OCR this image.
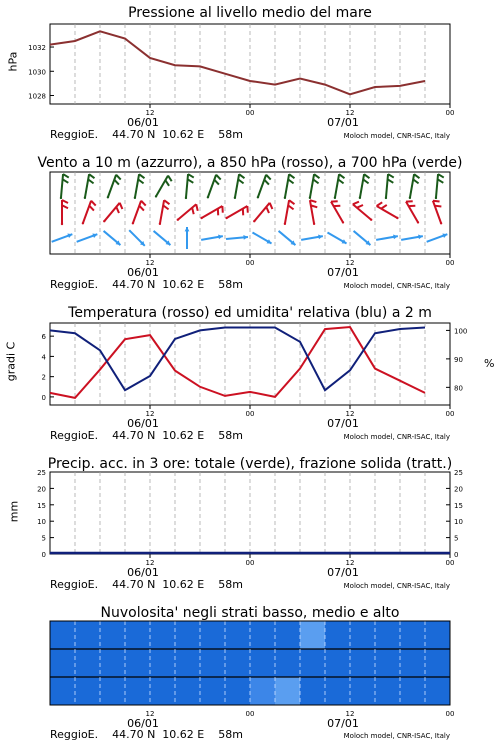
Pressione al livello medio del mare
hPa
ReggioE.    44.70 N  10.62 E    58m	Moloch model, CNR-ISAC, Italy
Vento a 10 m (azzurro), a 850 hPa (rosso), a 700 hPa (verde)
ReggioE.    44.70 N  10.62 E    58m	Moloch model, CNR-ISAC, Italy
Temperatura (rosso) ed umidita' relativa (blu) a 2 m
gradi C	%
ReggioE.    44.70 N  10.62 E    58m	Moloch model, CNR-ISAC, Italy
Precip. acc. in 3 ore: totale (verde), frazione solida (tratt.)
mm
ReggioE.    44.70 N  10.62 E    58m	Moloch model, CNR-ISAC, Italy
Nuvolosita' negli strati basso, medio e alto
ReggioE.    44.70 N  10.62 E    58m	Moloch model, CNR-ISAC, Italy
12	00	12	00
06/01	07/01
1028
1030
1032
12	00	12	00
06/01	07/01
12	00	12	00
06/01	07/01
0
2
4
6
80
90
100
12	00	12	00
06/01	07/01
0	0
5	5
10	10
15	15
20	20
25	25
12	00	12	00
06/01	07/01
